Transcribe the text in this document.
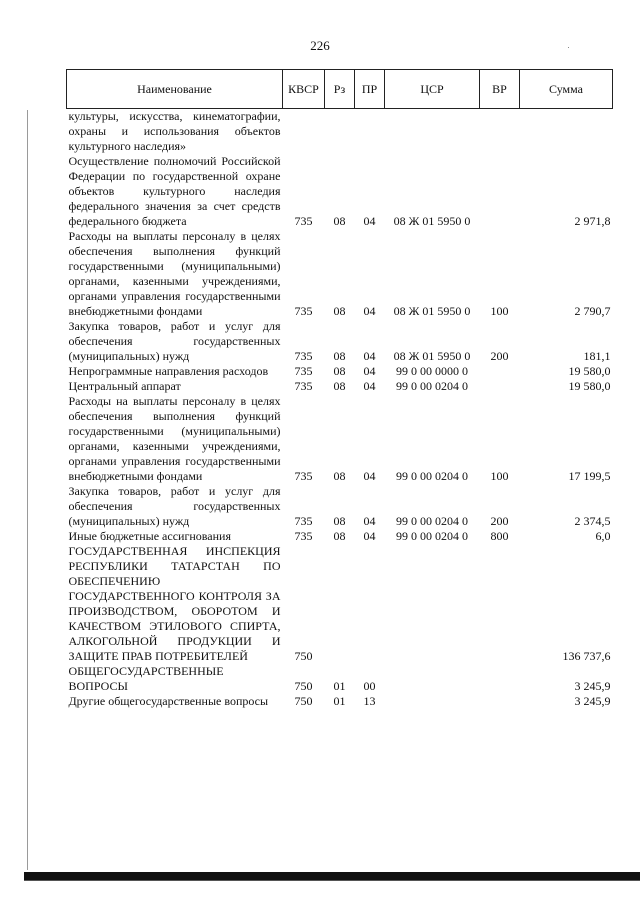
226
Наименование	КВСР	Рз	ПР	ЦСР	ВР	Сумма
культуры, искусства, кинематографии, охраны и использования объектов культурного наследия»						
Осуществление полномочий Российской Федерации по государственной охране объектов культурного наследия федерального значения за счет средств федерального бюджета	735	08	04	08 Ж 01 5950 0		2 971,8
Расходы на выплаты персоналу в целях обеспечения выполнения функций государственными (муниципальными) органами, казенными учреждениями, органами управления государственными внебюджетными фондами	735	08	04	08 Ж 01 5950 0	100	2 790,7
Закупка товаров, работ и услуг для обеспечения государственных (муниципальных) нужд	735	08	04	08 Ж 01 5950 0	200	181,1
Непрограммные направления расходов	735	08	04	99 0 00 0000 0		19 580,0
Центральный аппарат	735	08	04	99 0 00 0204 0		19 580,0
Расходы на выплаты персоналу в целях обеспечения выполнения функций государственными (муниципальными) органами, казенными учреждениями, органами управления государственными внебюджетными фондами	735	08	04	99 0 00 0204 0	100	17 199,5
Закупка товаров, работ и услуг для обеспечения государственных (муниципальных) нужд	735	08	04	99 0 00 0204 0	200	2 374,5
Иные бюджетные ассигнования	735	08	04	99 0 00 0204 0	800	6,0
ГОСУДАРСТВЕННАЯ ИНСПЕКЦИЯ РЕСПУБЛИКИ ТАТАРСТАН ПО ОБЕСПЕЧЕНИЮ ГОСУДАРСТВЕННОГО КОНТРОЛЯ ЗА ПРОИЗВОДСТВОМ, ОБОРОТОМ И КАЧЕСТВОМ ЭТИЛОВОГО СПИРТА, АЛКОГОЛЬНОЙ ПРОДУКЦИИ И ЗАЩИТЕ ПРАВ ПОТРЕБИТЕЛЕЙ	750					136 737,6
ОБЩЕГОСУДАРСТВЕННЫЕ ВОПРОСЫ	750	01	00			3 245,9
Другие общегосударственные вопросы	750	01	13			3 245,9
